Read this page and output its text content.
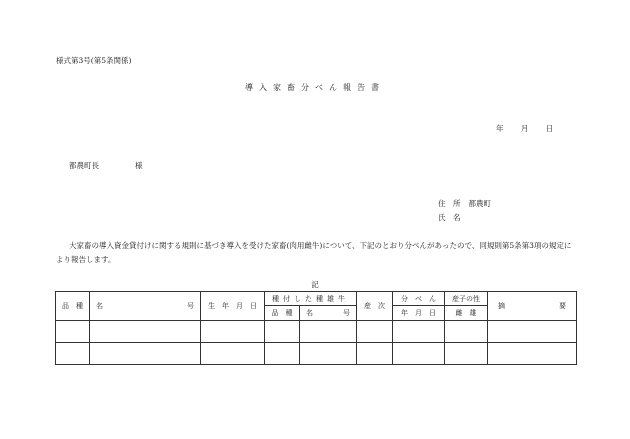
様式第3号(第5条関係)
導入家畜分べん報告書
年 月 日
都農町長	様
住　所 都農町
氏　名
大家畜の導入資金貸付けに関する規則に基づき導入を受けた家畜(肉用雌牛)について、下記のとおり分べんがあったので、同規則第5条第3項の規定により報告します。
記
品　種	名 号	生　年　月　日	種付した種雄牛		産　次	分　べ　ん	産子の性	摘 要

			品　種	名 号		年　月　日	雌　雄	
